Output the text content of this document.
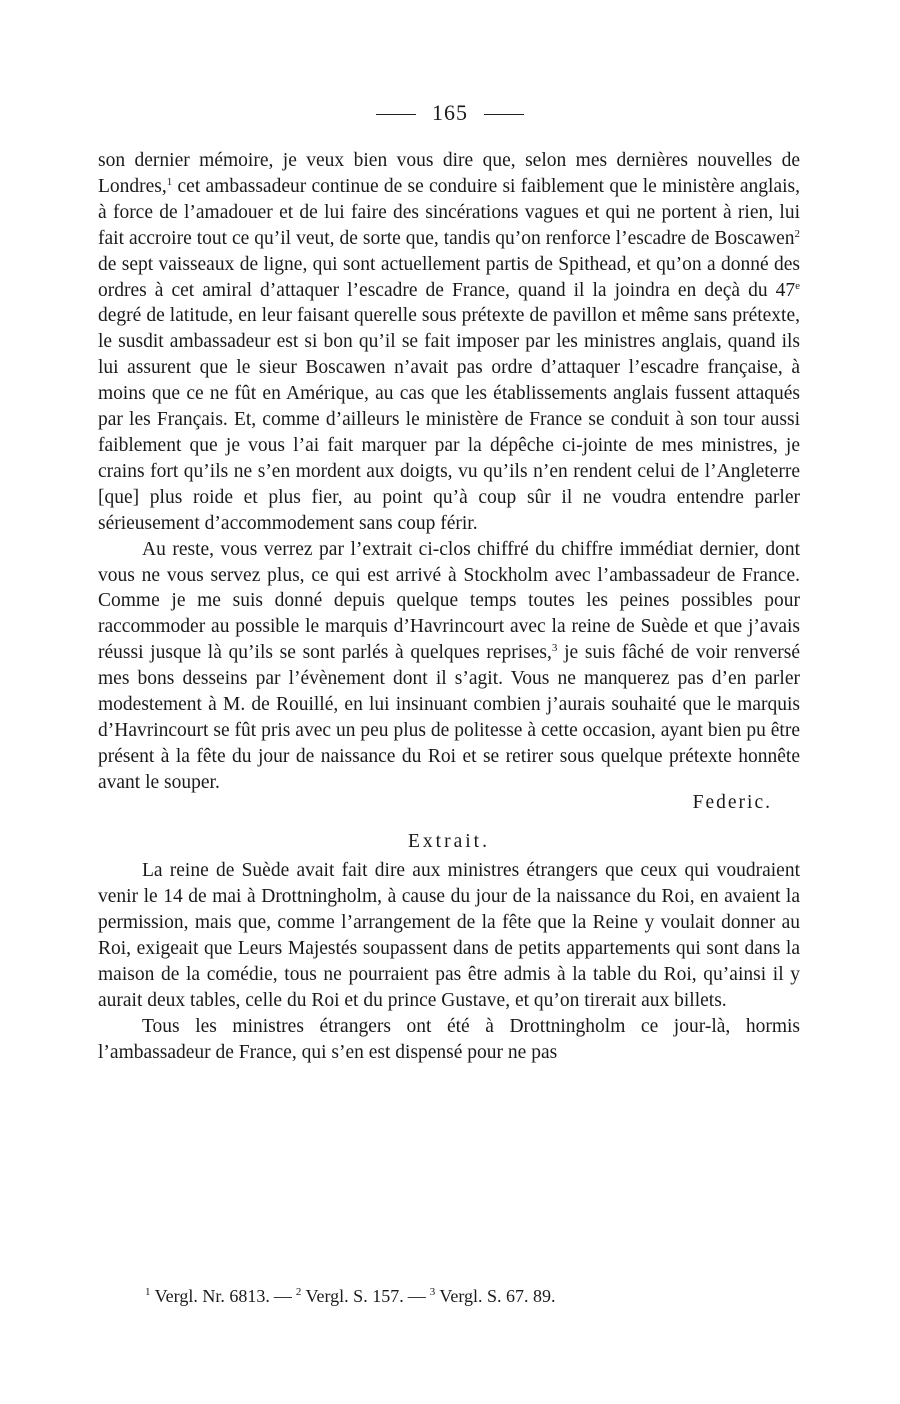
165

son dernier mémoire, je veux bien vous dire que, selon mes dernières nouvelles de Londres,$^1$ cet ambassadeur continue de se conduire si faiblement que le ministère anglais, à force de l’amadouer et de lui faire des sincérations vagues et qui ne portent à rien, lui fait accroire tout ce qu’il veut, de sorte que, tandis qu’on renforce l’escadre de Boscawen$^2$ de sept vaisseaux de ligne, qui sont actuellement partis de Spithead, et qu’on a donné des ordres à cet amiral d’attaquer l’escadre de France, quand il la joindra en deçà du 47e degré de latitude, en leur faisant querelle sous prétexte de pavillon et même sans prétexte, le susdit ambassadeur est si bon qu’il se fait imposer par les ministres anglais, quand ils lui assurent que le sieur Boscawen n’avait pas ordre d’attaquer l’escadre française, à moins que ce ne fût en Amérique, au cas que les établissements anglais fussent attaqués par les Français. Et, comme d’ailleurs le ministère de France se conduit à son tour aussi faiblement que je vous l’ai fait marquer par la dépêche ci-jointe de mes ministres, je crains fort qu’ils ne s’en mordent aux doigts, vu qu’ils n’en rendent celui de l’Angleterre [que] plus roide et plus fier, au point qu’à coup sûr il ne voudra entendre parler sérieusement d’accommodement sans coup férir.

Au reste, vous verrez par l’extrait ci-clos chiffré du chiffre immédiat dernier, dont vous ne vous servez plus, ce qui est arrivé à Stockholm avec l’ambassadeur de France. Comme je me suis donné depuis quelque temps toutes les peines possibles pour raccommoder au possible le marquis d’Havrincourt avec la reine de Suède et que j’avais réussi jusque là qu’ils se sont parlés à quelques reprises,$^3$ je suis fâché de voir renversé mes bons desseins par l’évènement dont il s’agit. Vous ne manquerez pas d’en parler modestement à M. de Rouillé, en lui insinuant combien j’aurais souhaité que le marquis d’Havrincourt se fût pris avec un peu plus de politesse à cette occasion, ayant bien pu être présent à la fête du jour de naissance du Roi et se retirer sous quelque prétexte honnête avant le souper.

Federic.
Extrait.

La reine de Suède avait fait dire aux ministres étrangers que ceux qui voudraient venir le 14 de mai à Drottningholm, à cause du jour de la naissance du Roi, en avaient la permission, mais que, comme l’arrangement de la fête que la Reine y voulait donner au Roi, exigeait que Leurs Majestés soupassent dans de petits appartements qui sont dans la maison de la comédie, tous ne pourraient pas être admis à la table du Roi, qu’ainsi il y aurait deux tables, celle du Roi et du prince Gustave, et qu’on tirerait aux billets.

Tous les ministres étrangers ont été à Drottningholm ce jour-là, hormis l’ambassadeur de France, qui s’en est dispensé pour ne pas

$^1$ Vergl. Nr. 6813. — $^2$ Vergl. S. 157. — $^3$ Vergl. S. 67. 89.
